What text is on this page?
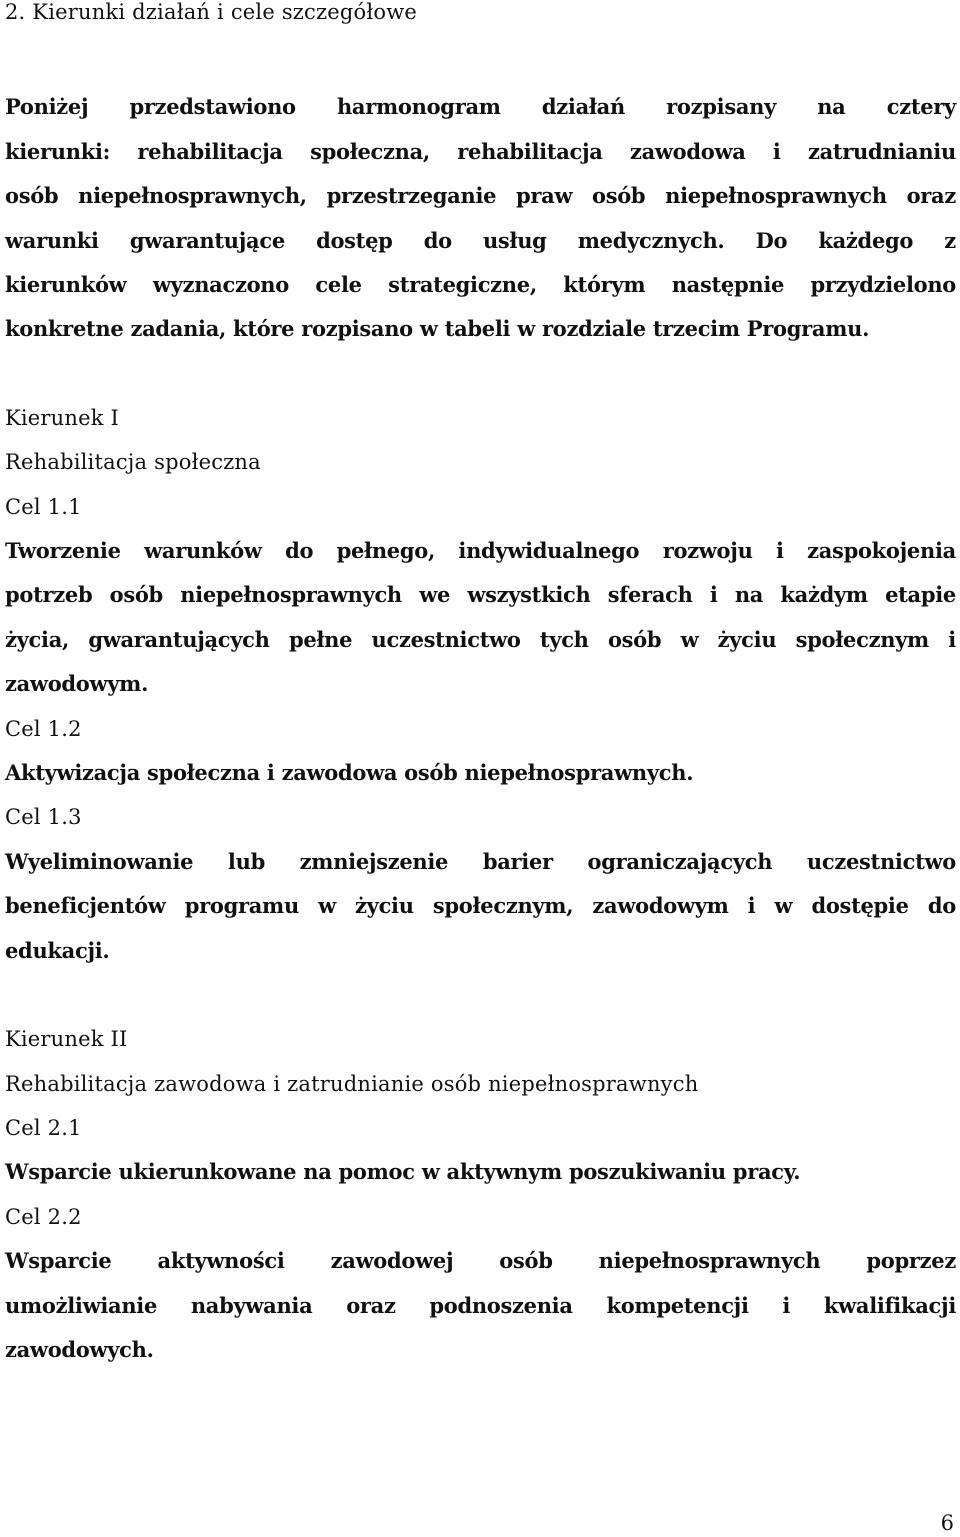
2. Kierunki działań i cele szczegółowe
Poniżej przedstawiono harmonogram działań rozpisany na cztery
kierunki: rehabilitacja społeczna, rehabilitacja zawodowa i zatrudnianiu
osób niepełnosprawnych, przestrzeganie praw osób niepełnosprawnych oraz
warunki gwarantujące dostęp do usług medycznych. Do każdego z
kierunków wyznaczono cele strategiczne, którym następnie przydzielono
konkretne zadania, które rozpisano w tabeli w rozdziale trzecim Programu.
Kierunek I
Rehabilitacja społeczna
Cel 1.1
Tworzenie warunków do pełnego, indywidualnego rozwoju i zaspokojenia
potrzeb osób niepełnosprawnych we wszystkich sferach i na każdym etapie
życia, gwarantujących pełne uczestnictwo tych osób w życiu społecznym i
zawodowym.
Cel 1.2
Aktywizacja społeczna i zawodowa osób niepełnosprawnych.
Cel 1.3
Wyeliminowanie lub zmniejszenie barier ograniczających uczestnictwo
beneficjentów programu w życiu społecznym, zawodowym i w dostępie do
edukacji.
Kierunek II
Rehabilitacja zawodowa i zatrudnianie osób niepełnosprawnych
Cel 2.1
Wsparcie ukierunkowane na pomoc w aktywnym poszukiwaniu pracy.
Cel 2.2
Wsparcie aktywności zawodowej osób niepełnosprawnych poprzez
umożliwianie nabywania oraz podnoszenia kompetencji i kwalifikacji
zawodowych.
6
